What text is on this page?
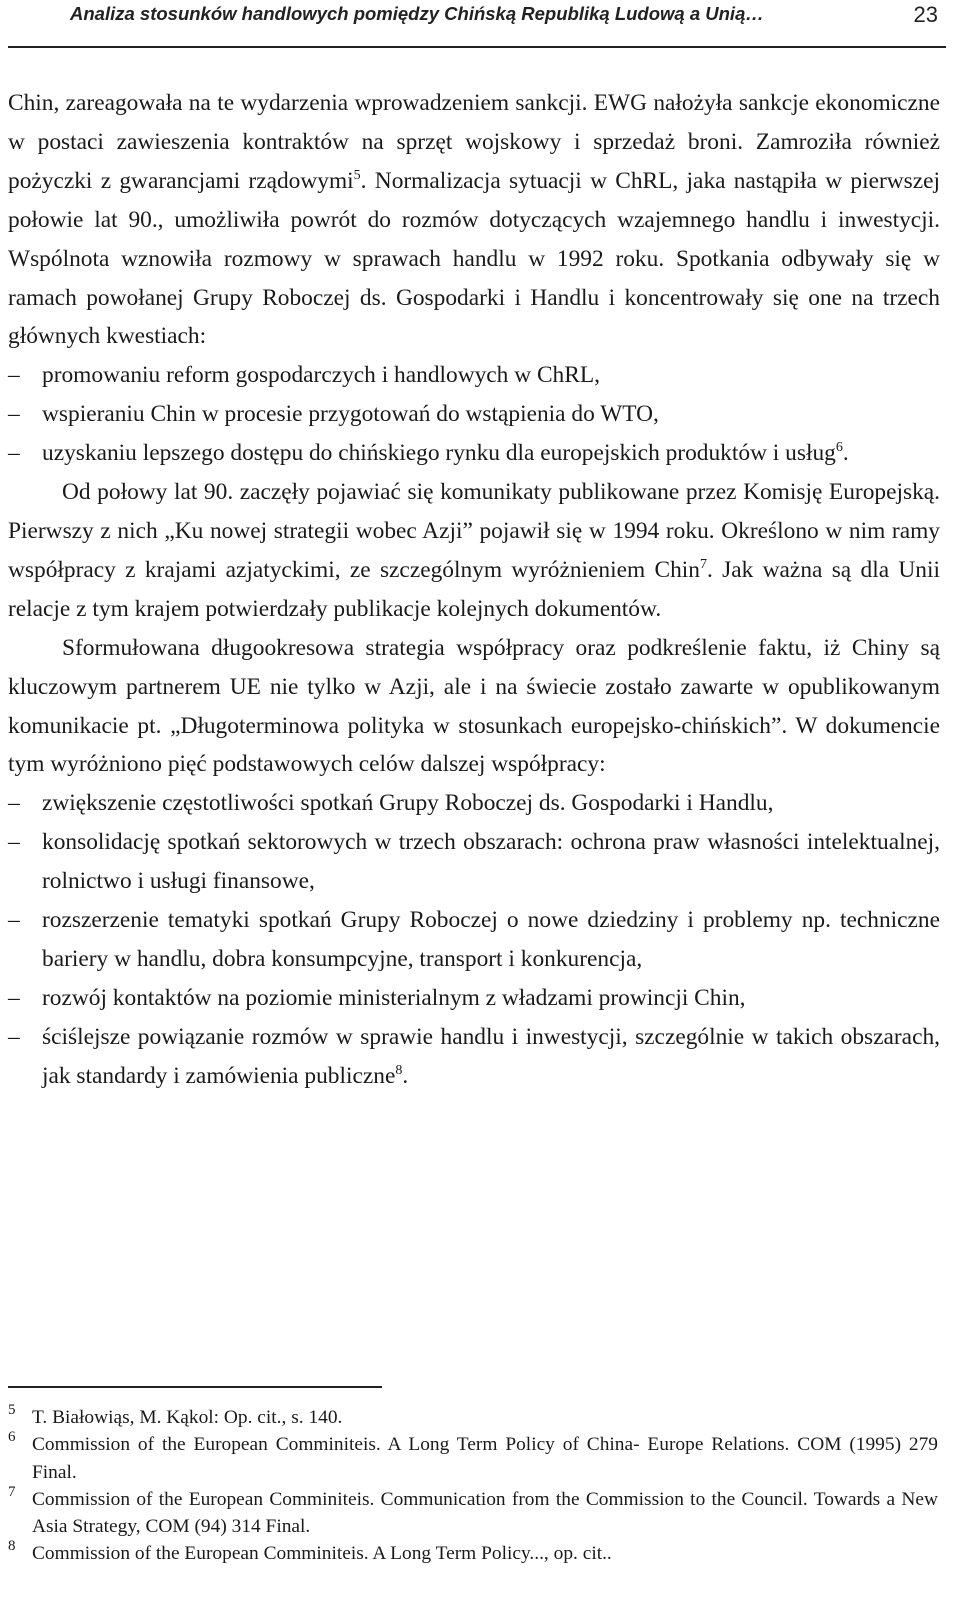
Analiza stosunków handlowych pomiędzy Chińską Republiką Ludową a Unią…	23

Chin, zareagowała na te wydarzenia wprowadzeniem sankcji. EWG nałożyła sankcje ekonomiczne w postaci zawieszenia kontraktów na sprzęt wojskowy i sprzedaż broni. Zamroziła również pożyczki z gwarancjami rządowymi$^5$. Normalizacja sytuacji w ChRL, jaka nastąpiła w pierwszej połowie lat 90., umożliwiła powrót do rozmów dotyczących wzajemnego handlu i inwestycji. Wspólnota wznowiła rozmowy w sprawach handlu w 1992 roku. Spotkania odbywały się w ramach powołanej Grupy Roboczej ds. Gospodarki i Handlu i koncentrowały się one na trzech głównych kwestiach:

– promowaniu reform gospodarczych i handlowych w ChRL,

– wspieraniu Chin w procesie przygotowań do wstąpienia do WTO,

– uzyskaniu lepszego dostępu do chińskiego rynku dla europejskich produktów i usług$^6$.

Od połowy lat 90. zaczęły pojawiać się komunikaty publikowane przez Komisję Europejską. Pierwszy z nich „Ku nowej strategii wobec Azji” pojawił się w 1994 roku. Określono w nim ramy współpracy z krajami azjatyckimi, ze szczególnym wyróżnieniem Chin$^7$. Jak ważna są dla Unii relacje z tym krajem potwierdzały publikacje kolejnych dokumentów.

Sformułowana długookresowa strategia współpracy oraz podkreślenie faktu, iż Chiny są kluczowym partnerem UE nie tylko w Azji, ale i na świecie zostało zawarte w opublikowanym komunikacie pt. „Długoterminowa polityka w stosunkach europejsko-chińskich”. W dokumencie tym wyróżniono pięć podstawowych celów dalszej współpracy:

– zwiększenie częstotliwości spotkań Grupy Roboczej ds. Gospodarki i Handlu,

– konsolidację spotkań sektorowych w trzech obszarach: ochrona praw własności intelektualnej, rolnictwo i usługi finansowe,

– rozszerzenie tematyki spotkań Grupy Roboczej o nowe dziedziny i problemy np. techniczne bariery w handlu, dobra konsumpcyjne, transport i konkurencja,

– rozwój kontaktów na poziomie ministerialnym z władzami prowincji Chin,

– ściślejsze powiązanie rozmów w sprawie handlu i inwestycji, szczególnie w takich obszarach, jak standardy i zamówienia publiczne$^8$.

5 T. Białowiąs, M. Kąkol: Op. cit., s. 140.

6 Commission of the European Comminiteis. A Long Term Policy of China- Europe Relations. COM (1995) 279 Final.

7 Commission of the European Comminiteis. Communication from the Commission to the Council. Towards a New Asia Strategy, COM (94) 314 Final.

8 Commission of the European Comminiteis. A Long Term Policy..., op. cit..
